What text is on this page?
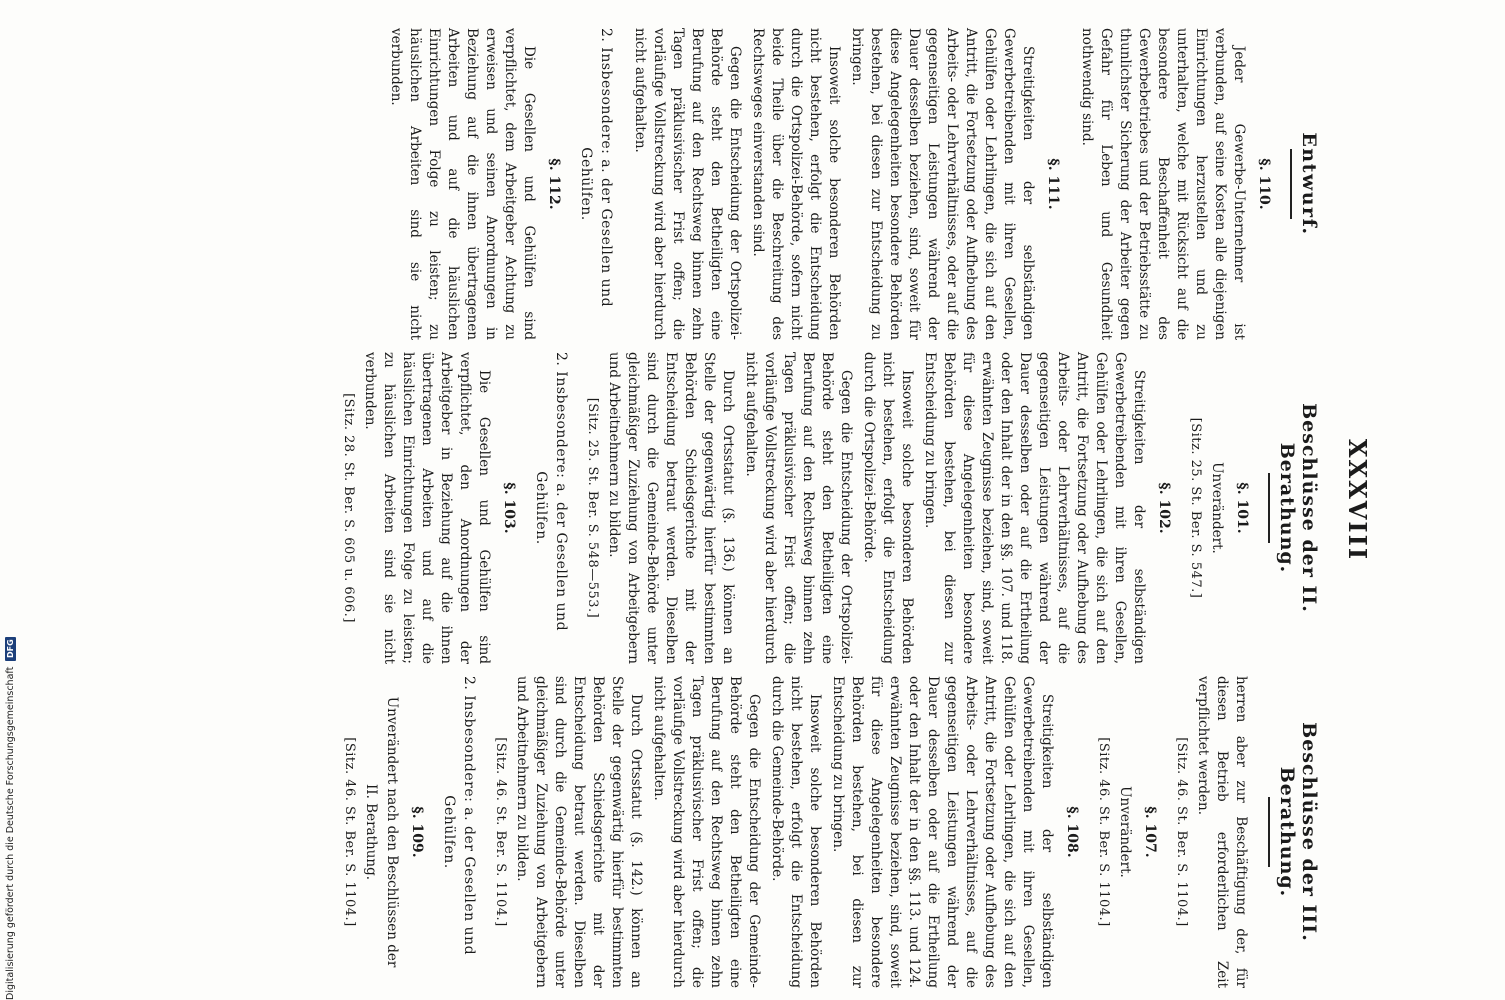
XXXVIII
Entwurf.
§. 110.
Jeder Gewerbe-Unternehmer ist verbunden, auf seine Kosten alle diejenigen Einrichtungen herzustellen und zu unterhalten, welche mit Rücksicht auf die besondere Beschaffenheit des Gewerbebetriebes und der Betriebsstätte zu thunlichster Sicherung der Arbeiter gegen Gefahr für Leben und Gesundheit nothwendig sind.
§. 111.
Streitigkeiten der selbständigen Gewerbetreibenden mit ihren Gesellen, Gehülfen oder Lehrlingen, die sich auf den Antritt, die Fortsetzung oder Aufhebung des Arbeits- oder Lehrverhältnisses, oder auf die gegenseitigen Leistungen während der Dauer desselben beziehen, sind, soweit für diese Angelegenheiten besondere Behörden bestehen, bei diesen zur Entscheidung zu bringen.
Insoweit solche besonderen Behörden nicht bestehen, erfolgt die Entscheidung durch die Ortspolizei-Behörde, sofern nicht beide Theile über die Beschreitung des Rechtsweges einverstanden sind.
Gegen die Entscheidung der Ortspolizei-Behörde steht den Betheiligten eine Berufung auf den Rechtsweg binnen zehn Tagen präklusivischer Frist offen; die vorläufige Vollstreckung wird aber hierdurch nicht aufgehalten.
2. Insbesondere: a. der Gesellen und
Gehülfen.
§. 112.
Die Gesellen und Gehülfen sind verpflichtet, dem Arbeitgeber Achtung zu erweisen und seinen Anordnungen in Beziehung auf die ihnen übertragenen Arbeiten und auf die häuslichen Einrichtungen Folge zu leisten; zu häuslichen Arbeiten sind sie nicht verbunden.
Beschlüsse der II. Berathung.
§. 101.
Unverändert.
[Sitz. 25. St. Ber. S. 547.]
§. 102.
Streitigkeiten der selbständigen Gewerbetreibenden mit ihren Gesellen, Gehülfen oder Lehrlingen, die sich auf den Antritt, die Fortsetzung oder Aufhebung des Arbeits- oder Lehrverhältnisses, auf die gegenseitigen Leistungen während der Dauer desselben oder auf die Ertheilung oder den Inhalt der in den §§. 107. und 118. erwähnten Zeugnisse beziehen, sind, soweit für diese Angelegenheiten besondere Behörden bestehen, bei diesen zur Entscheidung zu bringen.
Insoweit solche besonderen Behörden nicht bestehen, erfolgt die Entscheidung durch die Ortspolizei-Behörde.
Gegen die Entscheidung der Ortspolizei-Behörde steht den Betheiligten eine Berufung auf den Rechtsweg binnen zehn Tagen präklusivischer Frist offen; die vorläufige Vollstreckung wird aber hierdurch nicht aufgehalten.
Durch Ortsstatut (§. 136.) können an Stelle der gegenwärtig hierfür bestimmten Behörden Schiedsgerichte mit der Entscheidung betraut werden. Dieselben sind durch die Gemeinde-Behörde unter gleichmäßiger Zuziehung von Arbeitgebern und Arbeitnehmern zu bilden.
[Sitz. 25. St. Ber. S. 548—553.]
2. Insbesondere: a. der Gesellen und
Gehülfen.
§. 103.
Die Gesellen und Gehülfen sind verpflichtet, den Anordnungen der Arbeitgeber in Beziehung auf die ihnen übertragenen Arbeiten und auf die häuslichen Einrichtungen Folge zu leisten; zu häuslichen Arbeiten sind sie nicht verbunden.
[Sitz. 28. St. Ber. S. 605 u. 606.]
Beschlüsse der III. Berathung.
herren aber zur Beschäftigung der, für diesen Betrieb erforderlichen Zeit verpflichtet werden.
[Sitz. 46. St. Ber. S. 1104.]
§. 107.
Unverändert.
[Sitz. 46. St. Ber. S. 1104.]
§. 108.
Streitigkeiten der selbständigen Gewerbetreibenden mit ihren Gesellen, Gehülfen oder Lehrlingen, die sich auf den Antritt, die Fortsetzung oder Aufhebung des Arbeits- oder Lehrverhältnisses, auf die gegenseitigen Leistungen während der Dauer desselben oder auf die Ertheilung oder den Inhalt der in den §§. 113. und 124. erwähnten Zeugnisse beziehen, sind, soweit für diese Angelegenheiten besondere Behörden bestehen, bei diesen zur Entscheidung zu bringen.
Insoweit solche besonderen Behörden nicht bestehen, erfolgt die Entscheidung durch die Gemeinde-Behörde.
Gegen die Entscheidung der Gemeinde-Behörde steht den Betheiligten eine Berufung auf den Rechtsweg binnen zehn Tagen präklusivischer Frist offen; die vorläufige Vollstreckung wird aber hierdurch nicht aufgehalten.
Durch Ortsstatut (§. 142.) können an Stelle der gegenwärtig hierfür bestimmten Behörden Schiedsgerichte mit der Entscheidung betraut werden. Dieselben sind durch die Gemeinde-Behörde unter gleichmäßiger Zuziehung von Arbeitgebern und Arbeitnehmern zu bilden.
[Sitz. 46. St. Ber. S. 1104.]
2. Insbesondere: a. der Gesellen und
Gehülfen.
§. 109.
Unverändert nach den Beschlüssen der
II. Berathung.
[Sitz. 46. St. Ber. S. 1104.]
Digitalisierung gefördert durch die Deutsche Forschungsgemeinschaft
DFG
